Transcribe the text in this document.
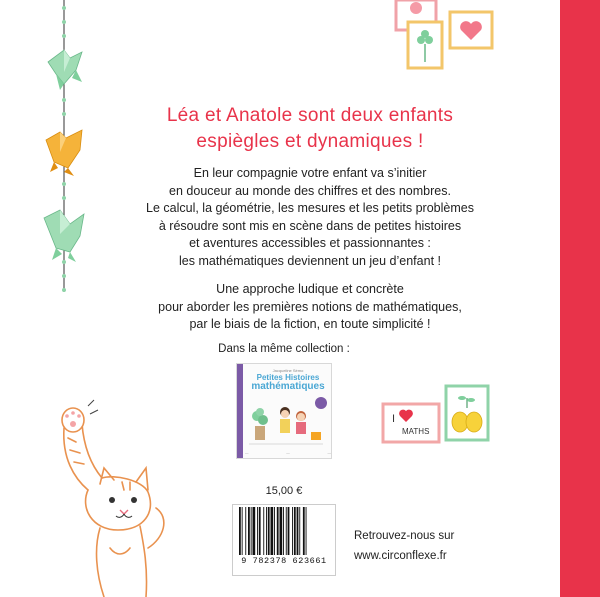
Léa et Anatole sont deux enfants
espiègles et dynamiques !
En leur compagnie votre enfant va s’initier
en douceur au monde des chiffres et des nombres.
Le calcul, la géométrie, les mesures et les petits problèmes
à résoudre sont mis en scène dans de petites histoires
et aventures accessibles et passionnantes :
les mathématiques deviennent un jeu d’enfant !
Une approche ludique et concrète
pour aborder les premières notions de mathématiques,
par le biais de la fiction, en toute simplicité !
Dans la même collection :
Jacqueline Sémo
Petites Histoires
mathématiques
—	—	—
I
MATHS
15,00 €
9 782378 623661
Retrouvez-nous sur
www.circonflexe.fr
